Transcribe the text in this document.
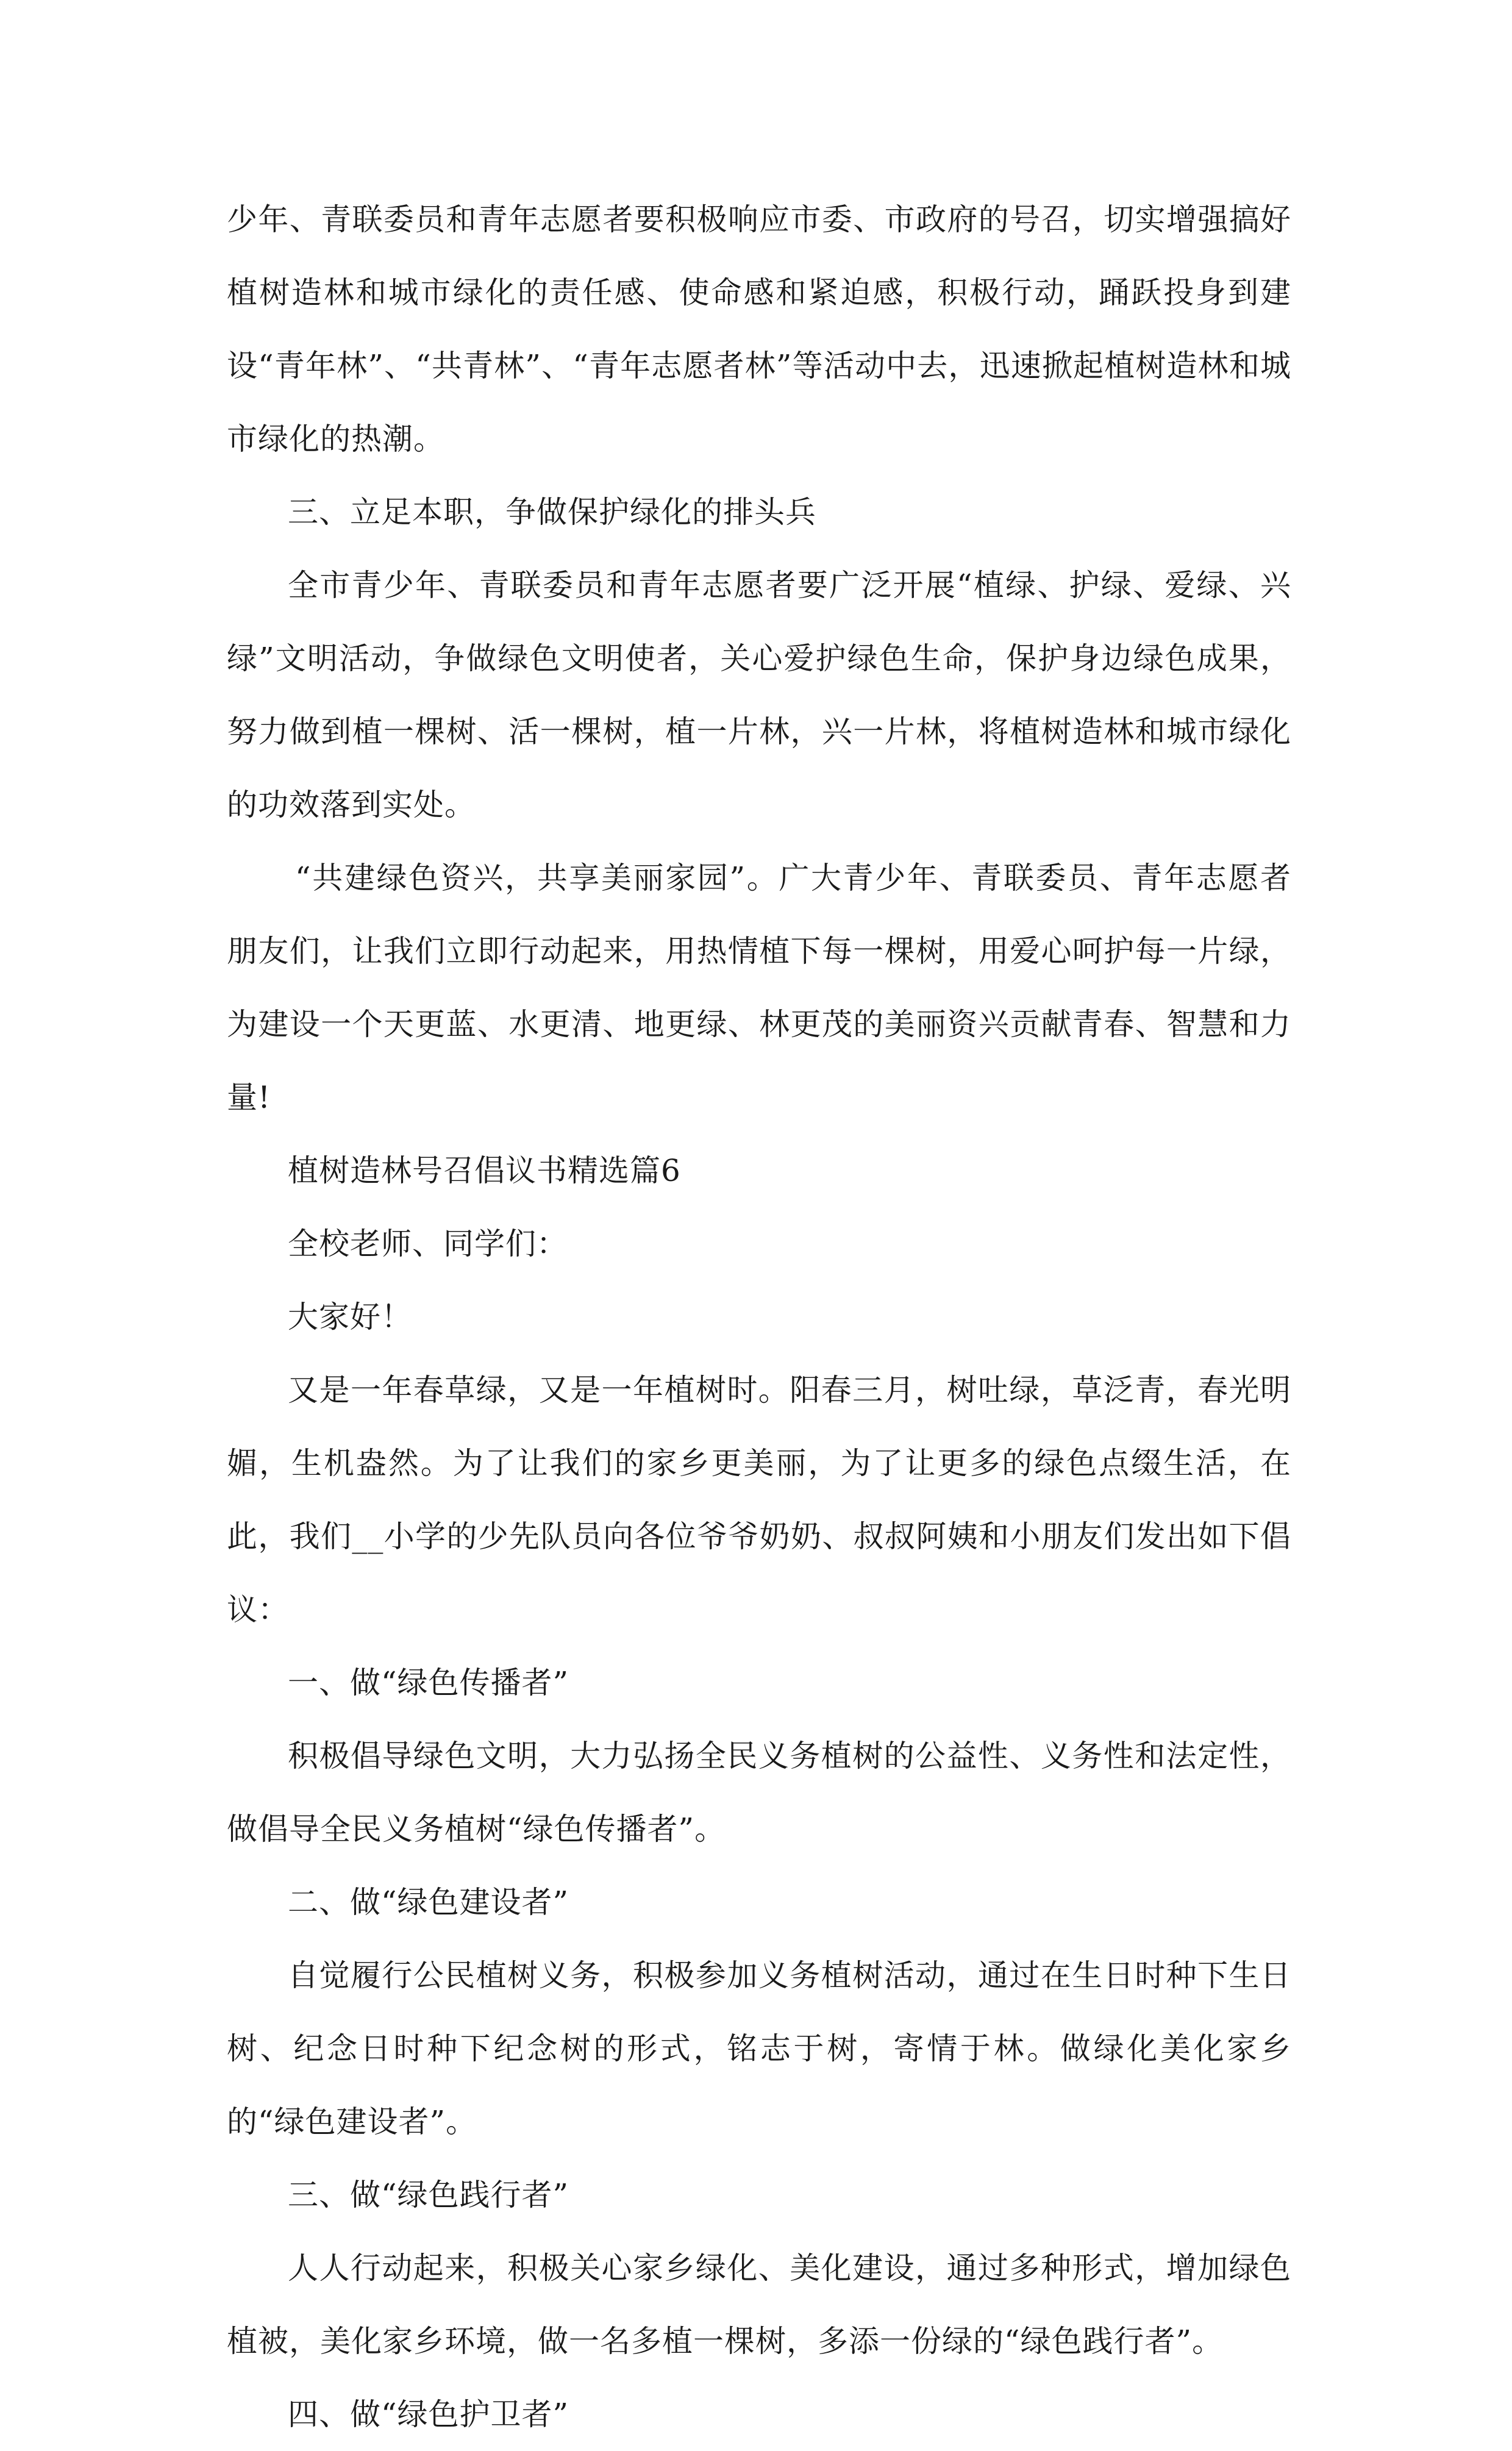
少年、青联委员和青年志愿者要积极响应市委、市政府的号召，切实增强搞好植树造林和城市绿化的责任感、使命感和紧迫感，积极行动，踊跃投身到建设“青年林”、“共青林”、“青年志愿者林”等活动中去，迅速掀起植树造林和城市绿化的热潮。

三、立足本职，争做保护绿化的排头兵

全市青少年、青联委员和青年志愿者要广泛开展“植绿、护绿、爱绿、兴绿”文明活动，争做绿色文明使者，关心爱护绿色生命，保护身边绿色成果，努力做到植一棵树、活一棵树，植一片林，兴一片林，将植树造林和城市绿化的功效落到实处。

“共建绿色资兴，共享美丽家园”。广大青少年、青联委员、青年志愿者朋友们，让我们立即行动起来，用热情植下每一棵树，用爱心呵护每一片绿，为建设一个天更蓝、水更清、地更绿、林更茂的美丽资兴贡献青春、智慧和力量!

植树造林号召倡议书精选篇6

全校老师、同学们：

大家好！

又是一年春草绿，又是一年植树时。阳春三月，树吐绿，草泛青，春光明媚，生机盎然。为了让我们的家乡更美丽，为了让更多的绿色点缀生活，在此，我们__小学的少先队员向各位爷爷奶奶、叔叔阿姨和小朋友们发出如下倡议：

一、做“绿色传播者”

积极倡导绿色文明，大力弘扬全民义务植树的公益性、义务性和法定性，做倡导全民义务植树“绿色传播者”。

二、做“绿色建设者”

自觉履行公民植树义务，积极参加义务植树活动，通过在生日时种下生日树、纪念日时种下纪念树的形式，铭志于树，寄情于林。做绿化美化家乡的“绿色建设者”。

三、做“绿色践行者”

人人行动起来，积极关心家乡绿化、美化建设，通过多种形式，增加绿色植被，美化家乡环境，做一名多植一棵树，多添一份绿的“绿色践行者”。

四、做“绿色护卫者”
